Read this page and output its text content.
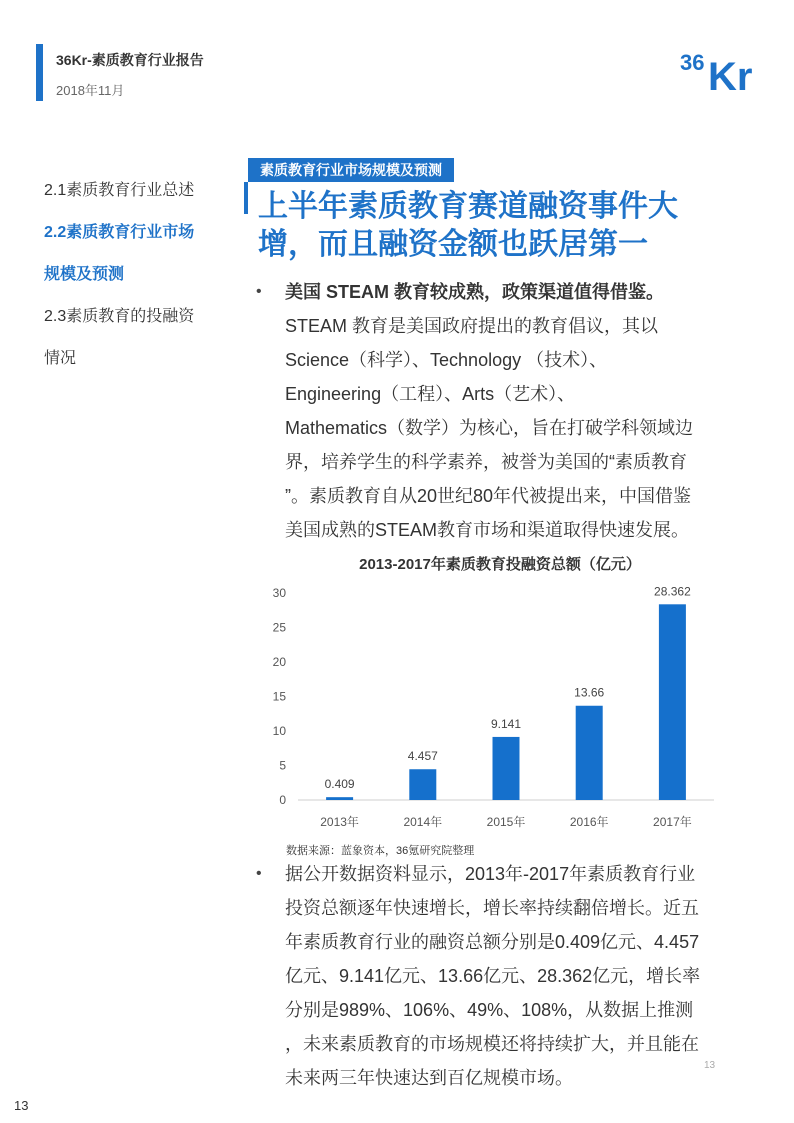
36Kr-素质教育行业报告
2018年11月
36 Kr
2.1素质教育行业总述
2.2素质教育行业市场
规模及预测
2.3素质教育的投融资
情况
素质教育行业市场规模及预测
上半年素质教育赛道融资事件大
增，而且融资金额也跃居第一
• 美国 STEAM 教育较成熟，政策渠道值得借鉴。
STEAM 教育是美国政府提出的教育倡议，其以
Science（科学）、Technology （技术）、
Engineering（工程）、Arts（艺术）、
Mathematics（数学）为核心，旨在打破学科领域边
界，培养学生的科学素养，被誉为美国的“素质教育
”。素质教育自从20世纪80年代被提出来，中国借鉴
美国成熟的STEAM教育市场和渠道取得快速发展。
2013-2017年素质教育投融资总额（亿元）
0
5
10
15
20
25
30
0.409
2013年
4.457
2014年
9.141
2015年
13.66
2016年
28.362
2017年
数据来源：蓝象资本，36氪研究院整理
• 据公开数据资料显示，2013年-2017年素质教育行业
投资总额逐年快速增长，增长率持续翻倍增长。近五
年素质教育行业的融资总额分别是0.409亿元、4.457
亿元、9.141亿元、13.66亿元、28.362亿元，增长率
分别是989%、106%、49%、108%，从数据上推测
，未来素质教育的市场规模还将持续扩大，并且能在
未来两三年快速达到百亿规模市场。
13
13
